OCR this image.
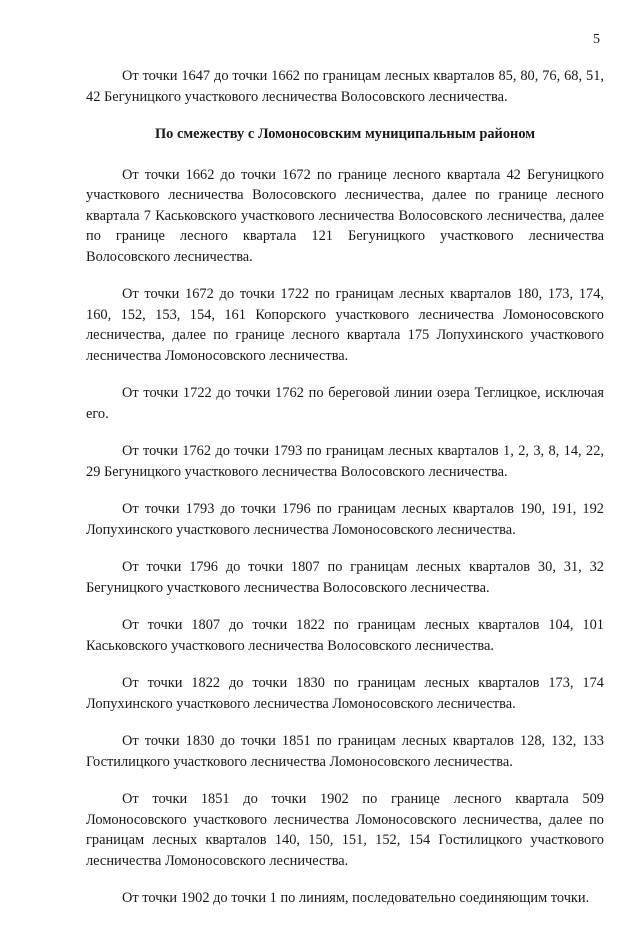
5

От точки 1647 до точки 1662 по границам лесных кварталов 85, 80, 76, 68, 51, 42 Бегуницкого участкового лесничества Волосовского лесничества.

По смежеству с Ломоносовским муниципальным районом

От точки 1662 до точки 1672 по границе лесного квартала 42 Бегуницкого участкового лесничества Волосовского лесничества, далее по границе лесного квартала 7 Каськовского участкового лесничества Волосовского лесничества, далее по границе лесного квартала 121 Бегуницкого участкового лесничества Волосовского лесничества.

От точки 1672 до точки 1722 по границам лесных кварталов 180, 173, 174, 160, 152, 153, 154, 161 Копорского участкового лесничества Ломоносовского лесничества, далее по границе лесного квартала 175 Лопухинского участкового лесничества Ломоносовского лесничества.

От точки 1722 до точки 1762 по береговой линии озера Теглицкое, исключая его.

От точки 1762 до точки 1793 по границам лесных кварталов 1, 2, 3, 8, 14, 22, 29 Бегуницкого участкового лесничества Волосовского лесничества.

От точки 1793 до точки 1796 по границам лесных кварталов 190, 191, 192 Лопухинского участкового лесничества Ломоносовского лесничества.

От точки 1796 до точки 1807 по границам лесных кварталов 30, 31, 32 Бегуницкого участкового лесничества Волосовского лесничества.

От точки 1807 до точки 1822 по границам лесных кварталов 104, 101 Каськовского участкового лесничества Волосовского лесничества.

От точки 1822 до точки 1830 по границам лесных кварталов 173, 174 Лопухинского участкового лесничества Ломоносовского лесничества.

От точки 1830 до точки 1851 по границам лесных кварталов 128, 132, 133 Гостилицкого участкового лесничества Ломоносовского лесничества.

От точки 1851 до точки 1902 по границе лесного квартала 509 Ломоносовского участкового лесничества Ломоносовского лесничества, далее по границам лесных кварталов 140, 150, 151, 152, 154 Гостилицкого участкового лесничества Ломоносовского лесничества.

От точки 1902 до точки 1 по линиям, последовательно соединяющим точки.
